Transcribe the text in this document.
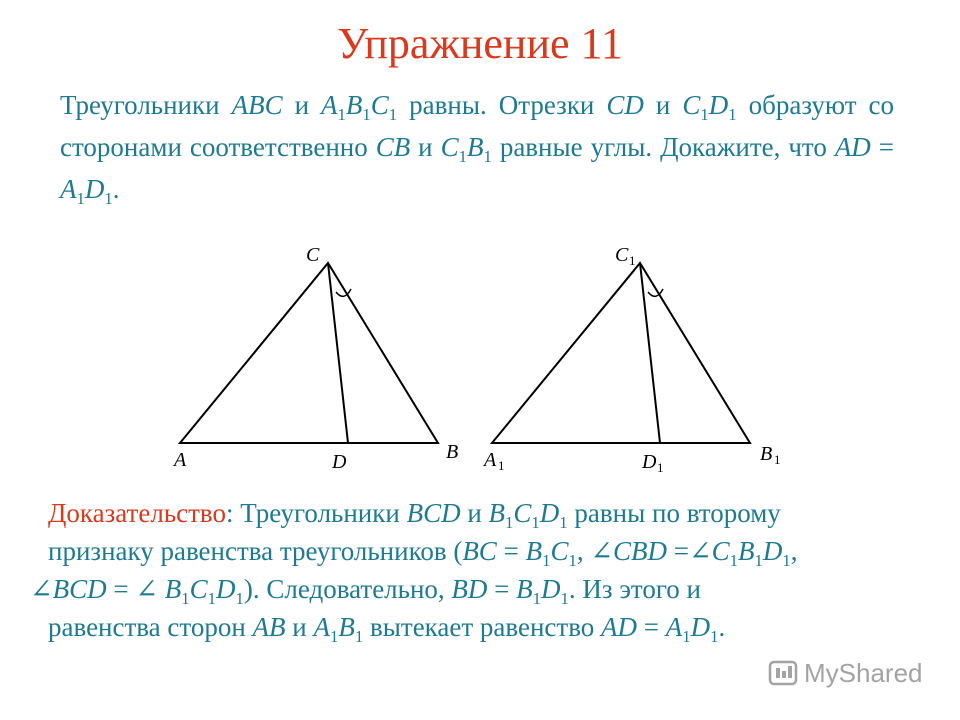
Упражнение 11
Треугольники ABC и $A_1B_1C_1$ равны. Отрезки CD и $C_1D_1$ образуют со сторонами соответственно CB и $C_1B_1$ равные углы. Докажите, что AD = $A_1D_1$.
C
A	D	B
C 1
A 1	D 1
B 1
Доказательство: Треугольники BCD и $B_1C_1D_1$ равны по второму
признаку равенства треугольников ($BC = B_1C_1$, ∠CBD $=\angle C_1B_1D_1$,
∠BCD = ∠ $B_1C_1D_1$). Следовательно, BD = $B_1D_1$. Из этого и
равенства сторон AB и $A_1B_1$ вытекает равенство AD = $A_1D_1$.
MyShared
